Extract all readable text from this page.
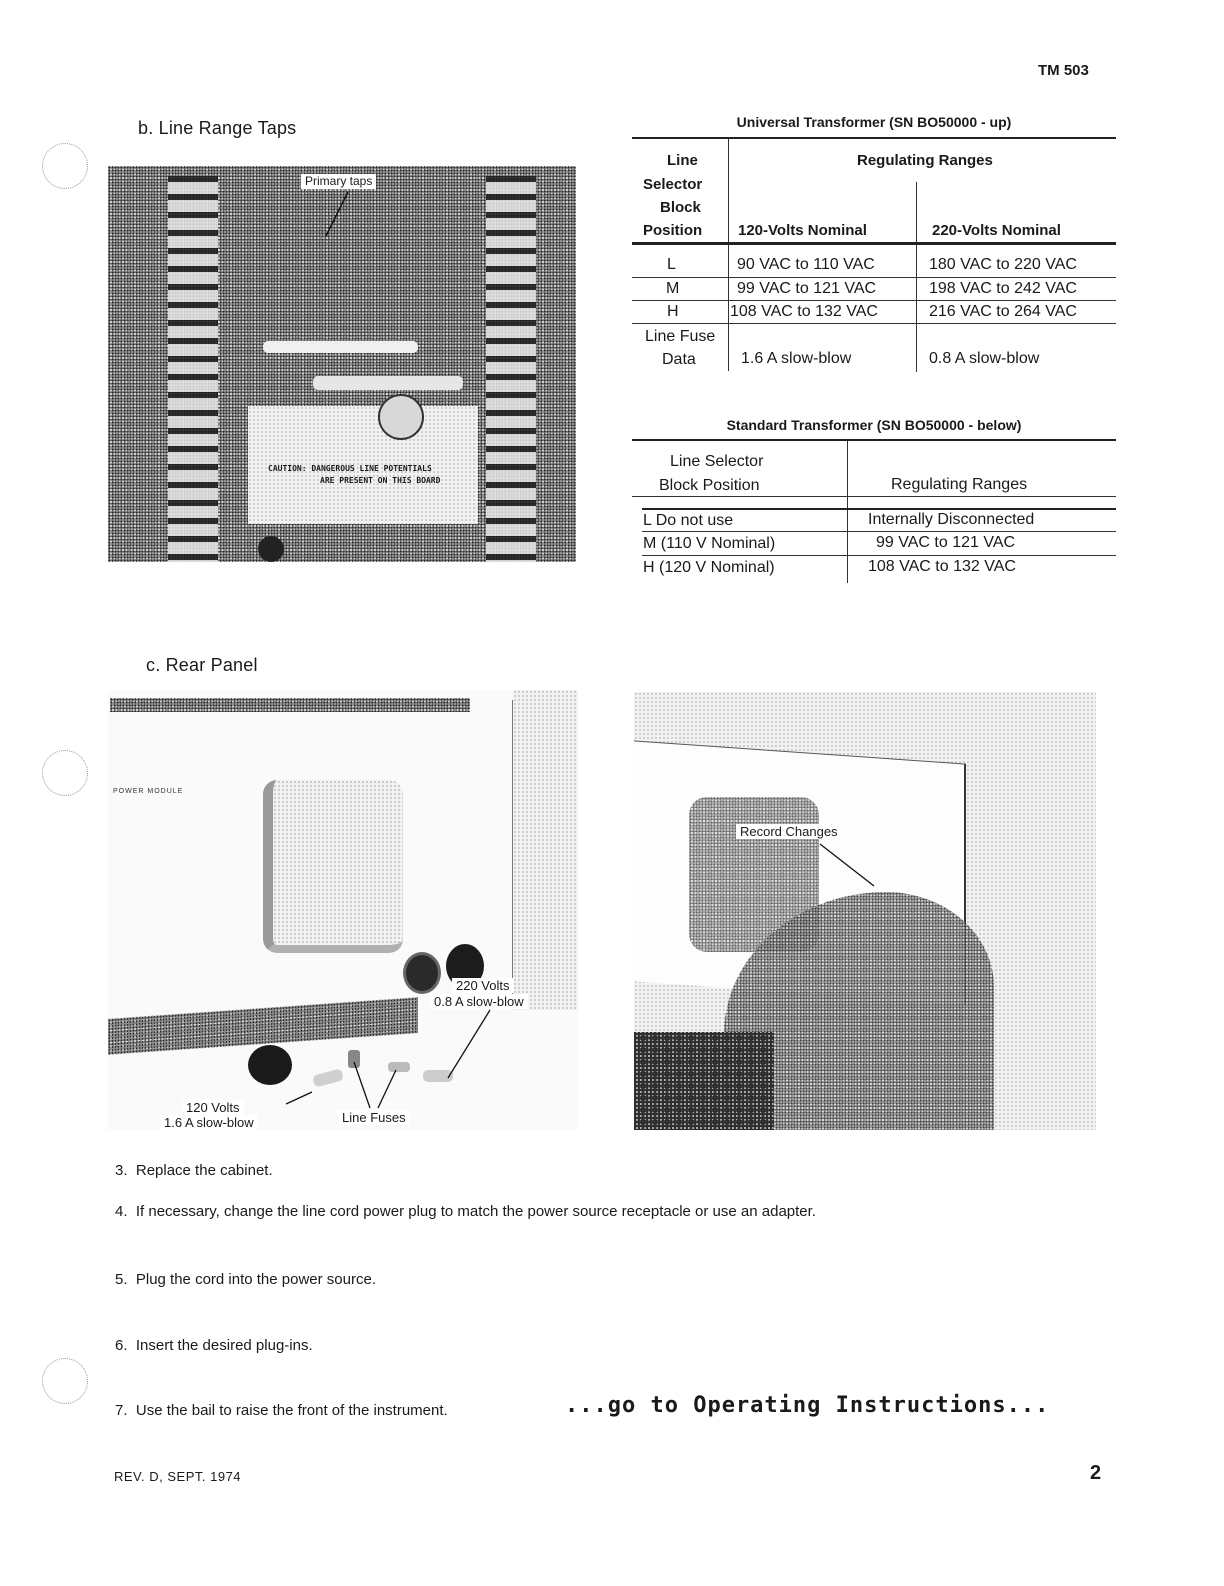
TM 503
b. Line Range Taps
CAUTION: DANGEROUS LINE POTENTIALS
ARE PRESENT ON THIS BOARD
Primary taps
Universal Transformer (SN BO50000 - up)
Line
Selector
Block
Position
Regulating Ranges
120-Volts Nominal	220-Volts Nominal
L	90 VAC to 110 VAC	180 VAC to 220 VAC
M	99 VAC to 121 VAC	198 VAC to 242 VAC
H	108 VAC to 132 VAC	216 VAC to 264 VAC
Line Fuse
Data	1.6 A slow-blow	0.8 A slow-blow
Standard Transformer (SN BO50000 - below)
Line Selector
Block Position	Regulating Ranges
L Do not use	Internally Disconnected
M (110 V Nominal)	99 VAC to 121 VAC
H (120 V Nominal)	108 VAC to 132 VAC
c. Rear Panel
POWER MODULE
220 Volts
0.8 A slow-blow
120 Volts
1.6 A slow-blow	Line Fuses
Record Changes
3. Replace the cabinet.
4. If necessary, change the line cord power plug to match the power source receptacle or use an adapter.
5. Plug the cord into the power source.
6. Insert the desired plug-ins.
7. Use the bail to raise the front of the instrument.	...go to Operating Instructions...
REV. D, SEPT. 1974	2
